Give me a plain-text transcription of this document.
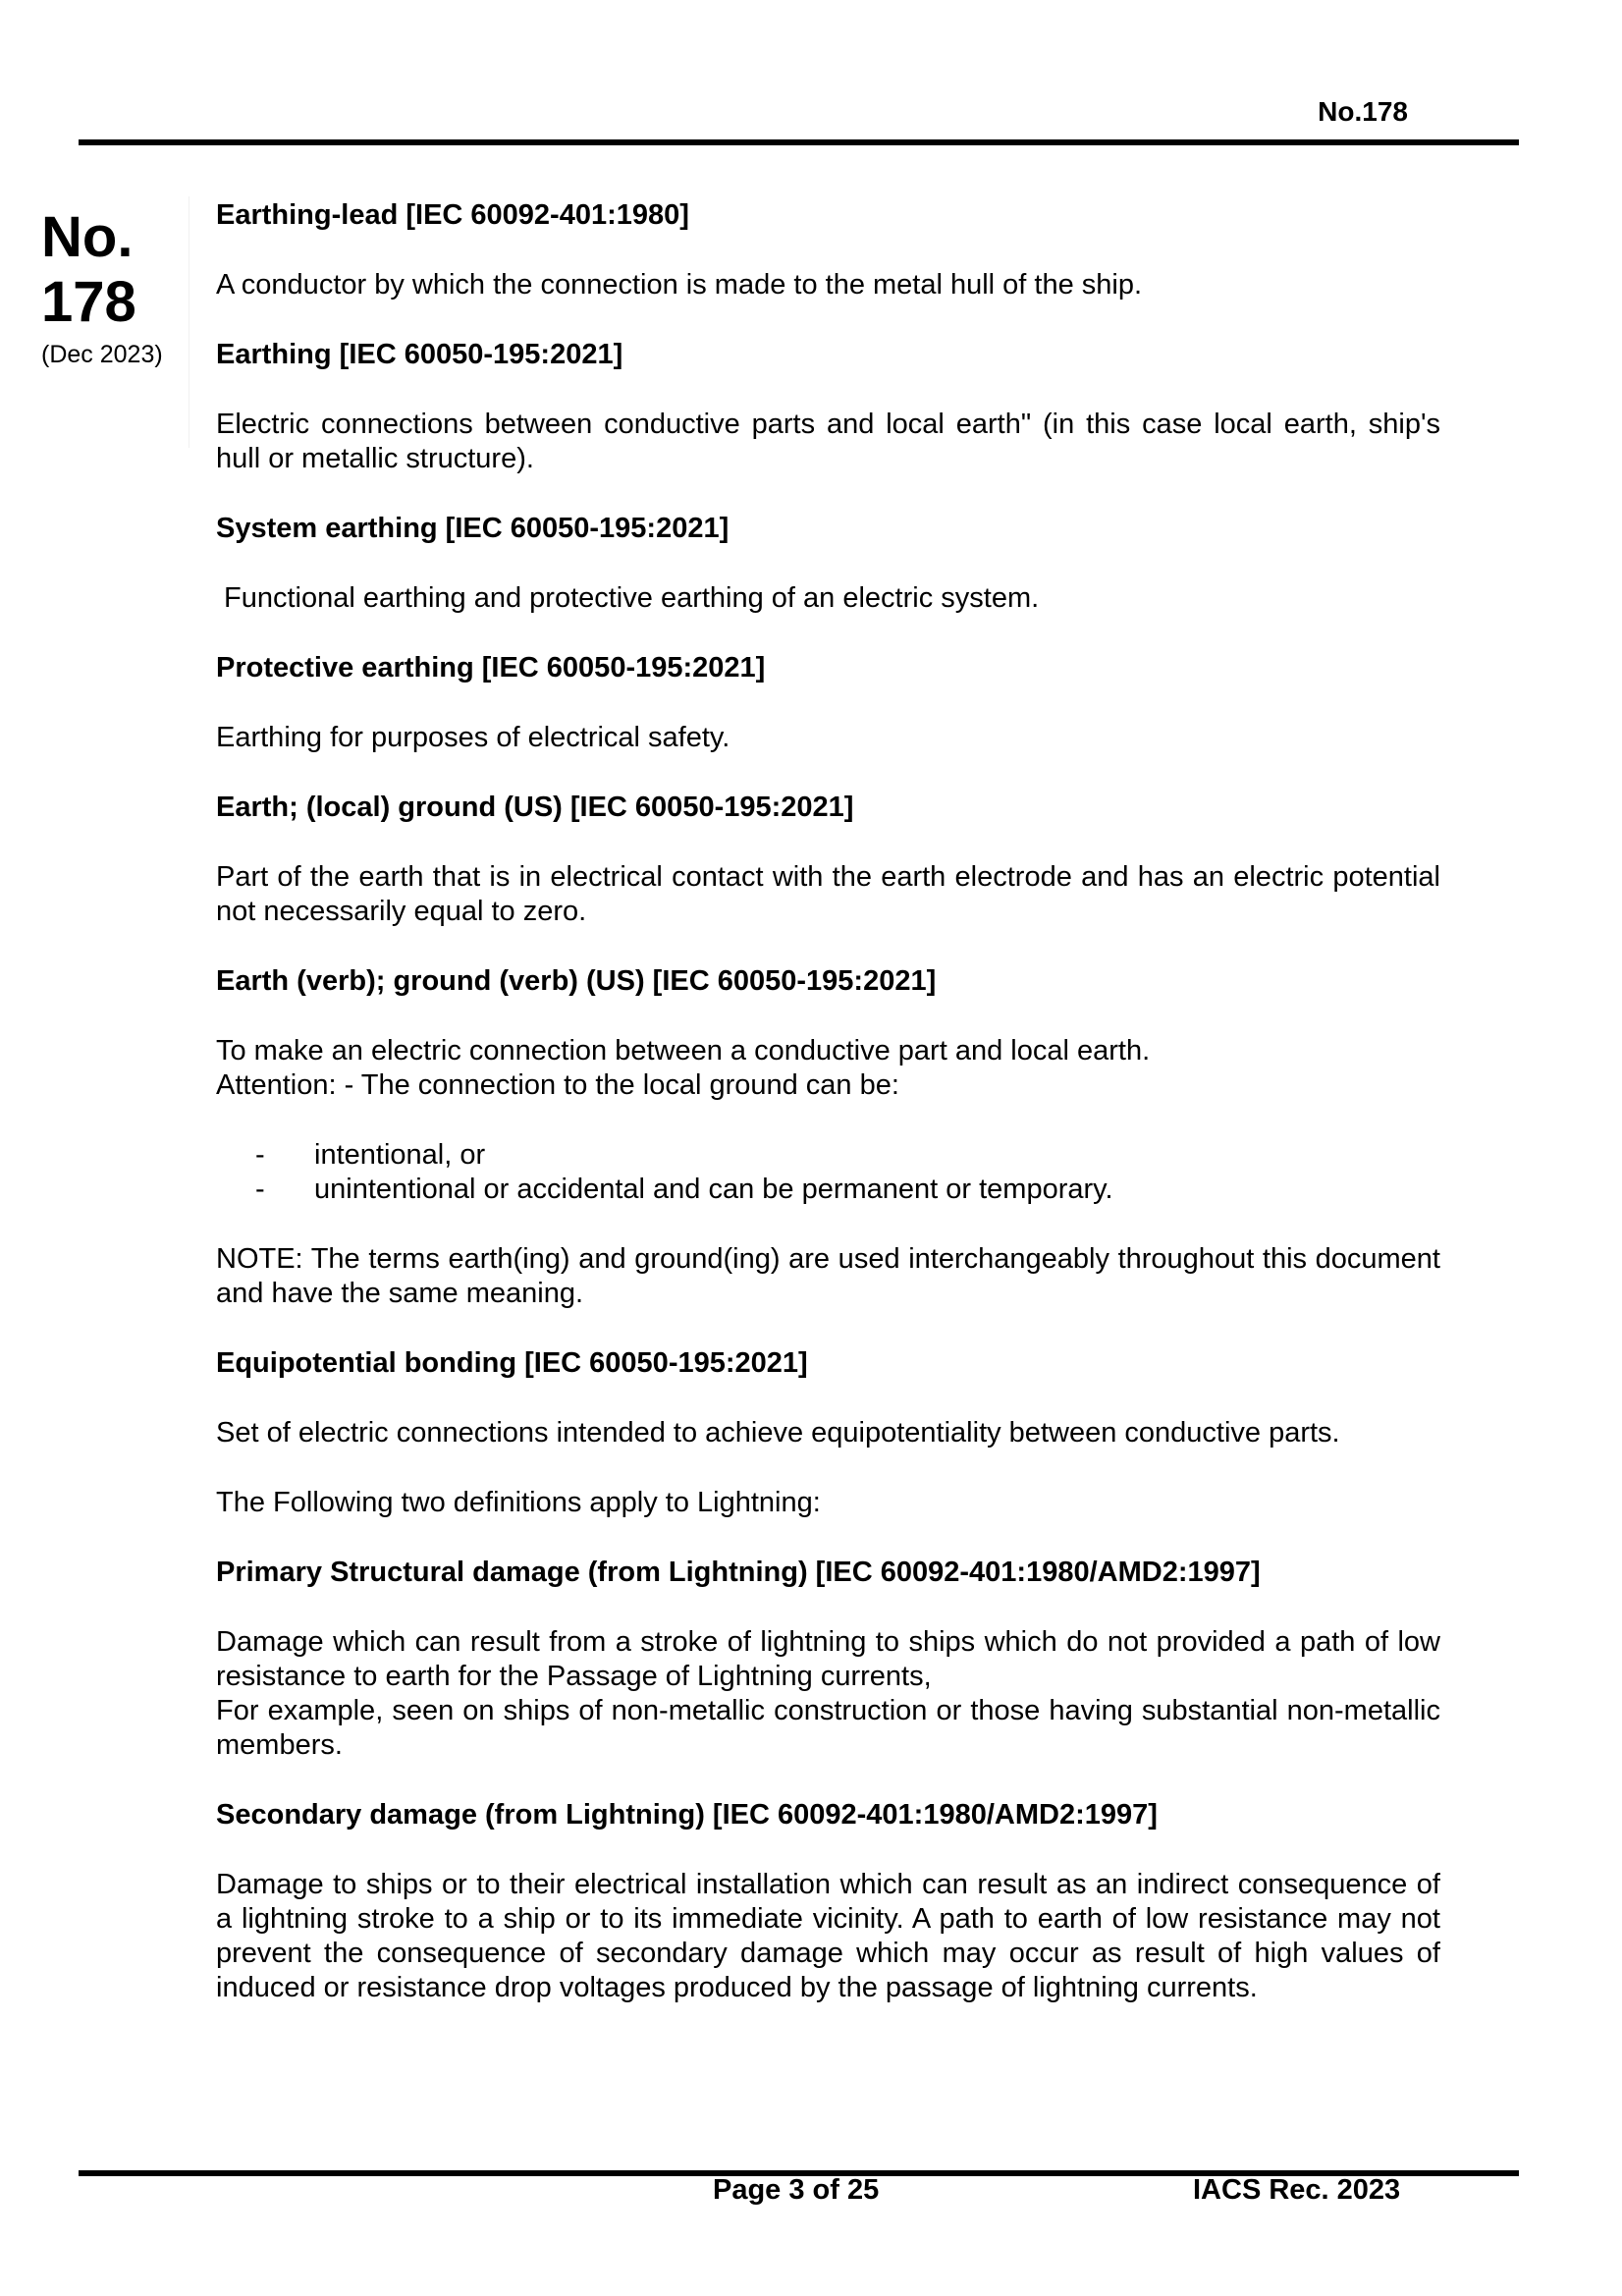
No.178
No.
178
(Dec 2023)

Earthing-lead [IEC 60092-401:1980]

A conductor by which the connection is made to the metal hull of the ship.

Earthing [IEC 60050-195:2021]

Electric connections between conductive parts and local earth" (in this case local earth, ship's hull or metallic structure).

System earthing [IEC 60050-195:2021]

Functional earthing and protective earthing of an electric system.

Protective earthing [IEC 60050-195:2021]

Earthing for purposes of electrical safety.

Earth; (local) ground (US) [IEC 60050-195:2021]

Part of the earth that is in electrical contact with the earth electrode and has an electric potential not necessarily equal to zero.

Earth (verb); ground (verb) (US) [IEC 60050-195:2021]

To make an electric connection between a conductive part and local earth.

Attention: - The connection to the local ground can be:

- intentional, or
- unintentional or accidental and can be permanent or temporary.

NOTE: The terms earth(ing) and ground(ing) are used interchangeably throughout this document and have the same meaning.

Equipotential bonding [IEC 60050-195:2021]

Set of electric connections intended to achieve equipotentiality between conductive parts.

The Following two definitions apply to Lightning:

Primary Structural damage (from Lightning) [IEC 60092-401:1980/AMD2:1997]

Damage which can result from a stroke of lightning to ships which do not provided a path of low resistance to earth for the Passage of Lightning currents,

For example, seen on ships of non-metallic construction or those having substantial non-metallic members.

Secondary damage (from Lightning) [IEC 60092-401:1980/AMD2:1997]

Damage to ships or to their electrical installation which can result as an indirect consequence of a lightning stroke to a ship or to its immediate vicinity. A path to earth of low resistance may not prevent the consequence of secondary damage which may occur as result of high values of induced or resistance drop voltages produced by the passage of lightning currents.

Page 3 of 25	IACS Rec. 2023
